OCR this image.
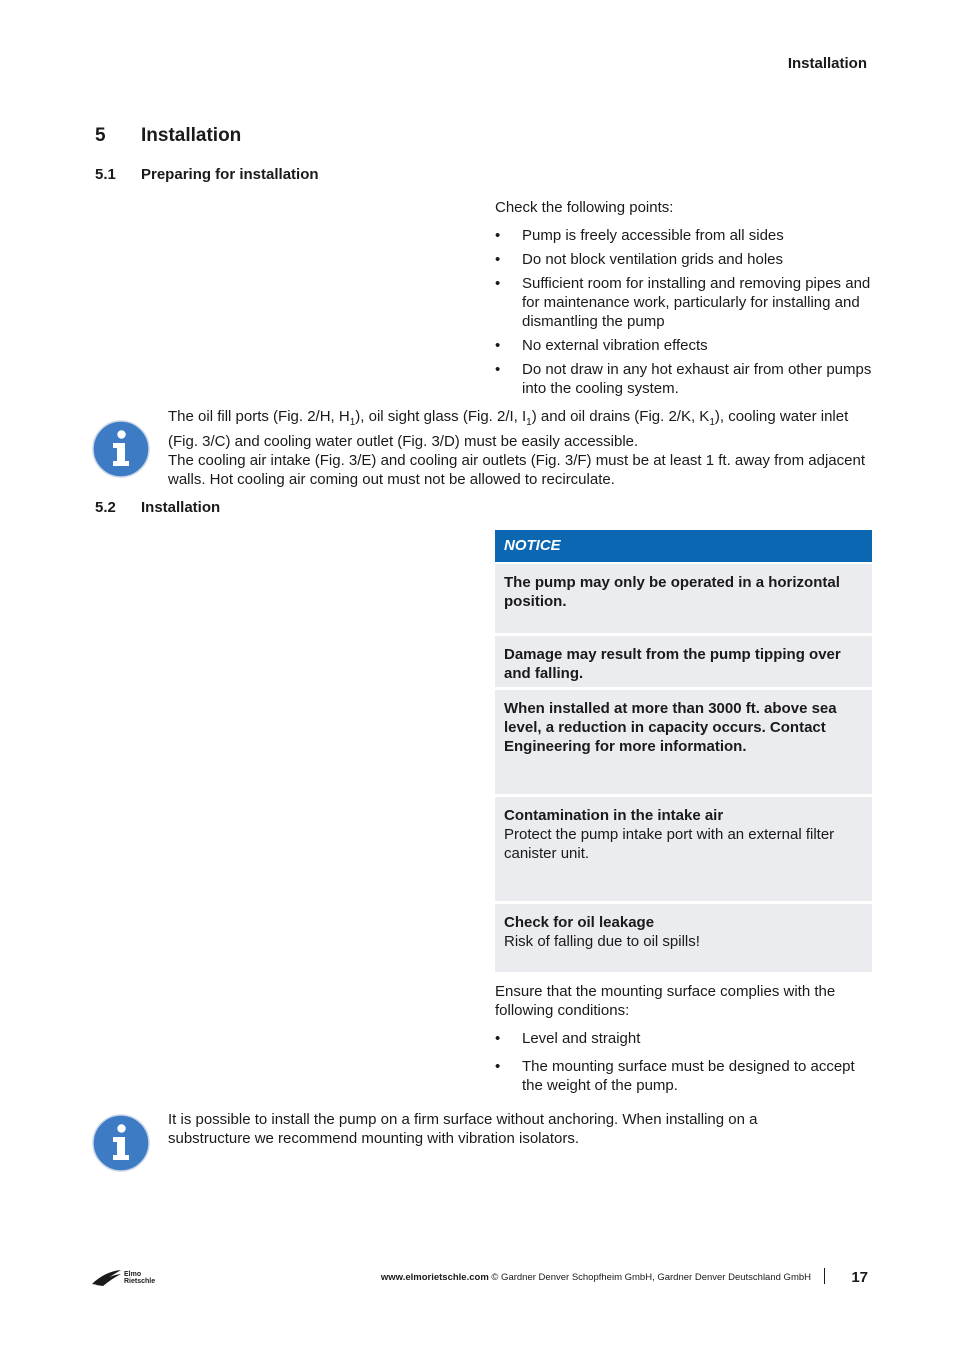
Installation
5 Installation
5.1 Preparing for installation
Check the following points:
• Pump is freely accessible from all sides
• Do not block ventilation grids and holes
• Sufficient room for installing and removing pipes and for maintenance work, particularly for installing and dismantling the pump
• No external vibration effects
• Do not draw in any hot exhaust air from other pumps into the cooling system.
The oil fill ports (Fig. 2/H, $H_1$), oil sight glass (Fig. 2/I, $I_1$) and oil drains (Fig. 2/K, $K_1$), cooling water inlet (Fig. 3/C) and cooling water outlet (Fig. 3/D) must be easily accessible.
The cooling air intake (Fig. 3/E) and cooling air outlets (Fig. 3/F) must be at least 1 ft. away from adjacent walls. Hot cooling air coming out must not be allowed to recirculate.
5.2 Installation
NOTICE
The pump may only be operated in a horizontal position.
Damage may result from the pump tipping over and falling.
When installed at more than 3000 ft. above sea level, a reduction in capacity occurs. Contact Engineering for more information.
Contamination in the intake air
Protect the pump intake port with an external filter canister unit.
Check for oil leakage
Risk of falling due to oil spills!
Ensure that the mounting surface complies with the following conditions:
• Level and straight
• The mounting surface must be designed to accept the weight of the pump.
It is possible to install the pump on a firm surface without anchoring. When installing on a substructure we recommend mounting with vibration isolators.
Elmo
Rietschle	www.elmorietschle.com © Gardner Denver Schopfheim GmbH, Gardner Denver Deutschland GmbH	17
